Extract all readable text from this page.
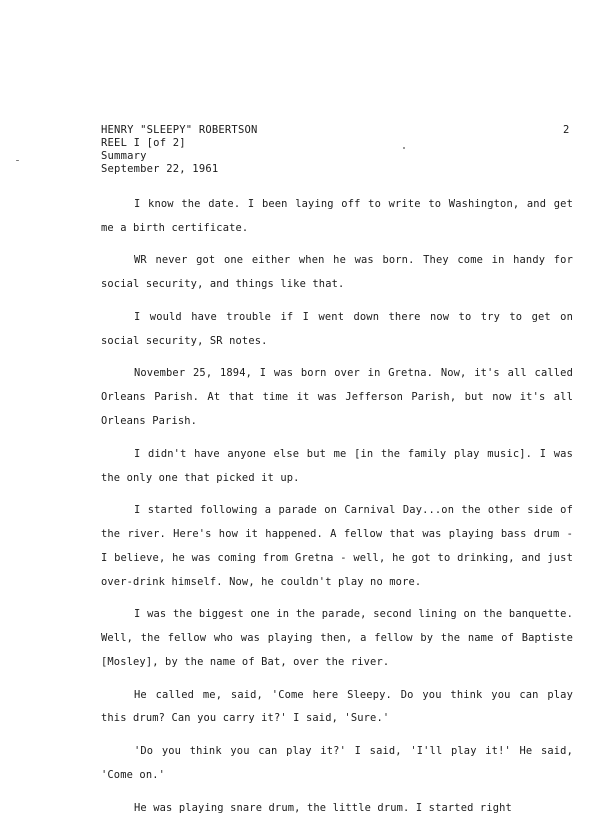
HENRY "SLEEPY" ROBERTSON
REEL I [of 2]
Summary
September 22, 1961
2

I know the date. I been laying off to write to Washington, and get me a birth certificate.

WR never got one either when he was born. They come in handy for social security, and things like that.

I would have trouble if I went down there now to try to get on social security, SR notes.

November 25, 1894, I was born over in Gretna. Now, it's all called Orleans Parish. At that time it was Jefferson Parish, but now it's all Orleans Parish.

I didn't have anyone else but me [in the family play music]. I was the only one that picked it up.

I started following a parade on Carnival Day...on the other side of the river. Here's how it happened. A fellow that was playing bass drum - I believe, he was coming from Gretna - well, he got to drinking, and just over-drink himself. Now, he couldn't play no more.

I was the biggest one in the parade, second lining on the banquette. Well, the fellow who was playing then, a fellow by the name of Baptiste [Mosley], by the name of Bat, over the river.

He called me, said, 'Come here Sleepy. Do you think you can play this drum? Can you carry it?' I said, 'Sure.'

'Do you think you can play it?' I said, 'I'll play it!' He said, 'Come on.'

He was playing snare drum, the little drum. I started right
